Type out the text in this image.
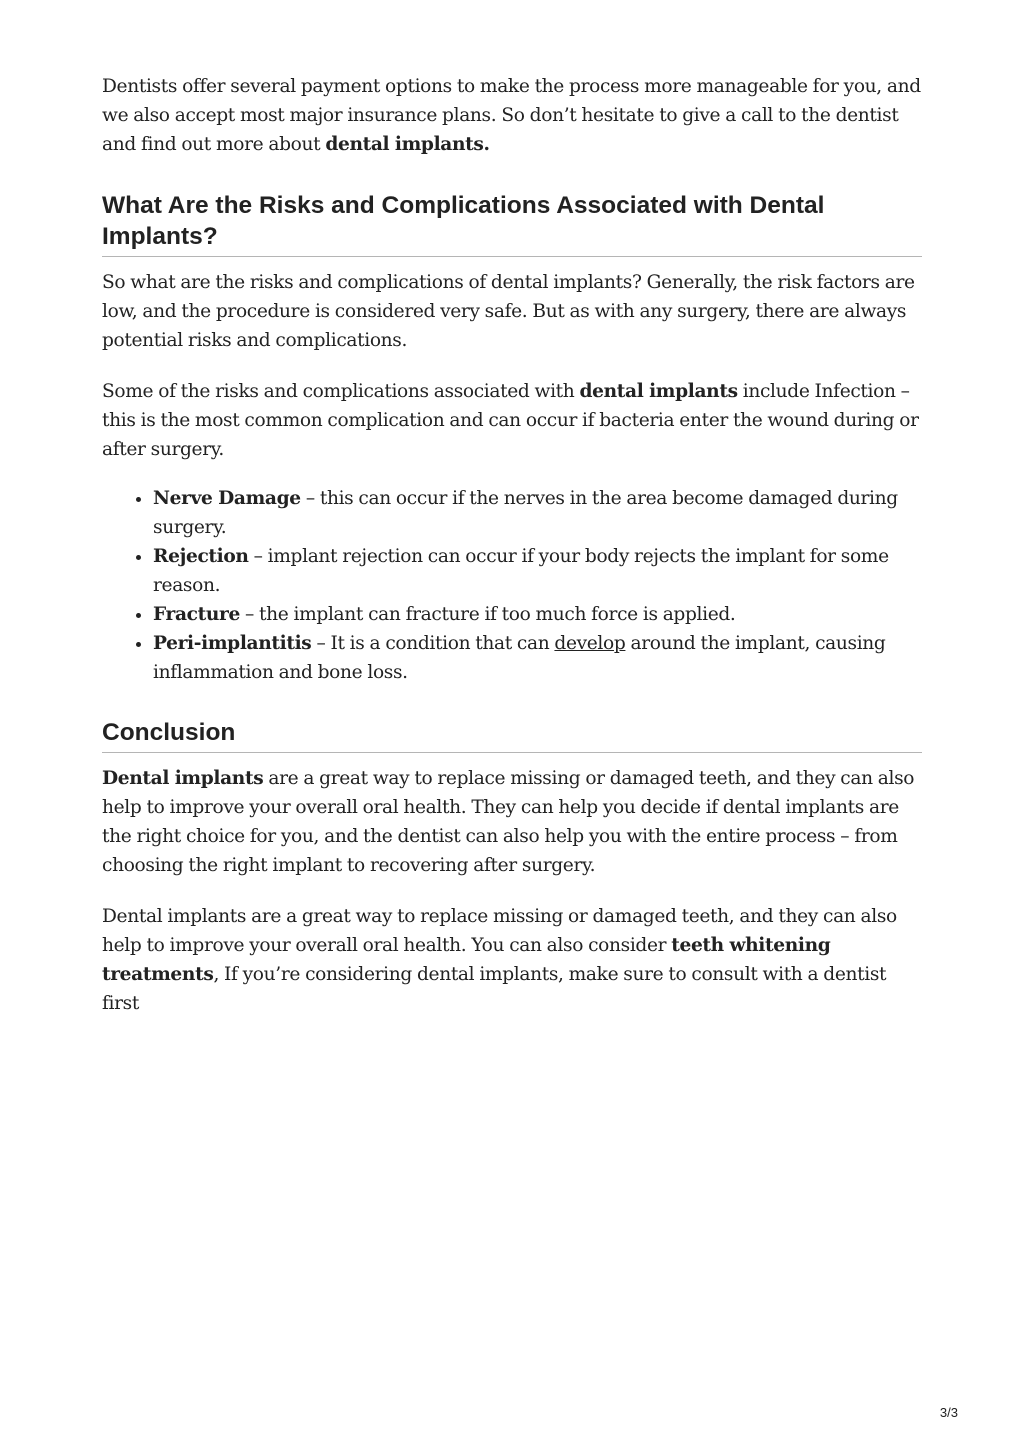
Dentists offer several payment options to make the process more manageable for you, and we also accept most major insurance plans. So don’t hesitate to give a call to the dentist and find out more about dental implants.

What Are the Risks and Complications Associated with Dental Implants?

So what are the risks and complications of dental implants? Generally, the risk factors are low, and the procedure is considered very safe. But as with any surgery, there are always potential risks and complications.

Some of the risks and complications associated with dental implants include Infection – this is the most common complication and can occur if bacteria enter the wound during or after surgery.

• Nerve Damage – this can occur if the nerves in the area become damaged during surgery.
• Rejection – implant rejection can occur if your body rejects the implant for some reason.
• Fracture – the implant can fracture if too much force is applied.
• Peri-implantitis – It is a condition that can develop around the implant, causing inflammation and bone loss.
Conclusion

Dental implants are a great way to replace missing or damaged teeth, and they can also help to improve your overall oral health. They can help you decide if dental implants are the right choice for you, and the dentist can also help you with the entire process – from choosing the right implant to recovering after surgery.

Dental implants are a great way to replace missing or damaged teeth, and they can also help to improve your overall oral health. You can also consider teeth whitening treatments, If you’re considering dental implants, make sure to consult with a dentist first

3/3
